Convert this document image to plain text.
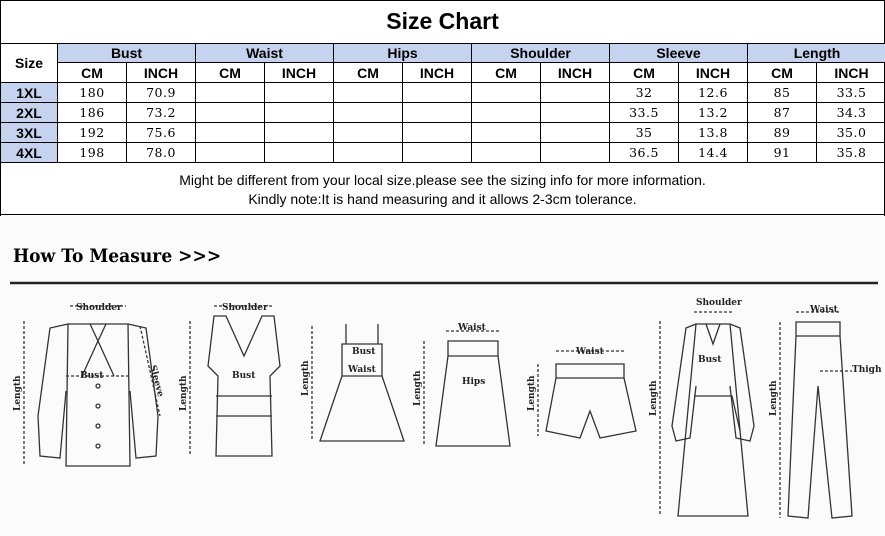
Size Chart
Size	Bust		Waist		Hips		Shoulder		Sleeve		Length	
	CM	INCH	CM	INCH	CM	INCH	CM	INCH	CM	INCH	CM	INCH
1XL	180	70.9							32	12.6	85	33.5
2XL	186	73.2							33.5	13.2	87	34.3
3XL	192	75.6							35	13.8	89	35.0
4XL	198	78.0							36.5	14.4	91	35.8
Might be different from your local size.please see the sizing info for more information.
Kindly note:It is hand measuring and it allows 2-3cm tolerance.
Shoulder
Bust
Length	Sleeve
Shoulder
Bust
Length
Bust
Waist
Length
Waist
Hips
Length
Waist
Length
Shoulder
Bust
Length
Waist
Thigh
Length
How To Measure >>>
